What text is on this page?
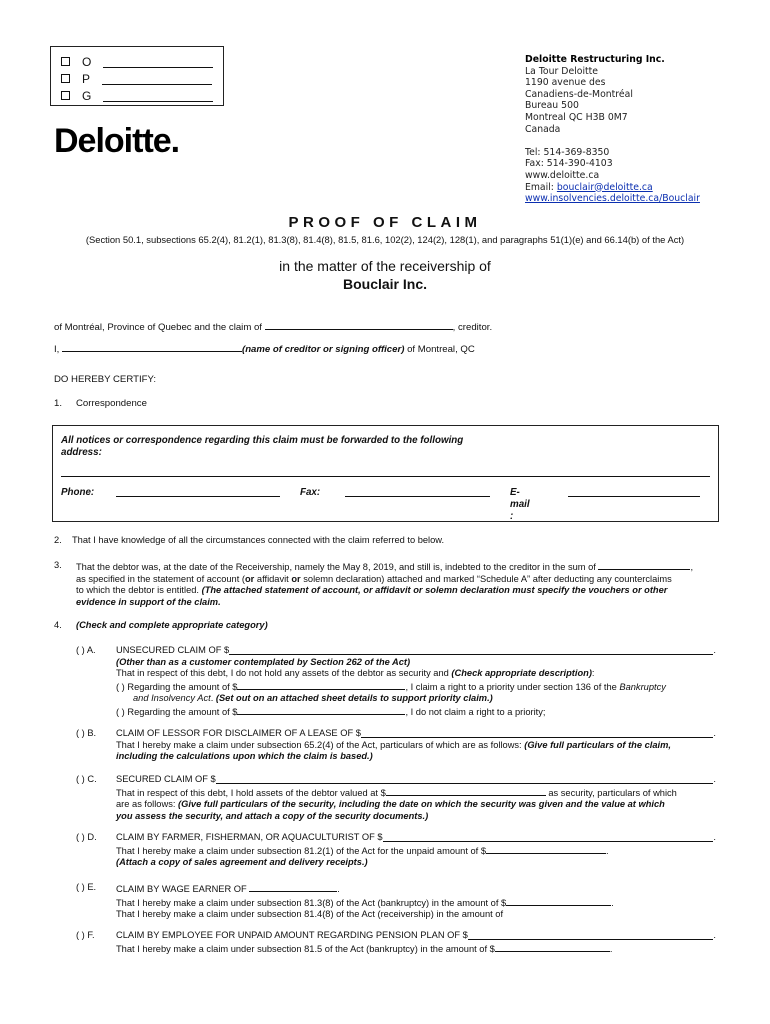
O
P
G
Deloitte.
Deloitte Restructuring Inc.
La Tour Deloitte
1190 avenue des
Canadiens-de-Montréal
Bureau 500
Montreal QC H3B 0M7
Canada
Tel: 514-369-8350
Fax: 514-390-4103
www.deloitte.ca
Email: bouclair@deloitte.ca
www.insolvencies.deloitte.ca/Bouclair
PROOF OF CLAIM
(Section 50.1, subsections 65.2(4), 81.2(1), 81.3(8), 81.4(8), 81.5, 81.6, 102(2), 124(2), 128(1), and paragraphs 51(1)(e) and 66.14(b) of the Act)
in the matter of the receivership of
Bouclair Inc.
of Montréal, Province of Quebec and the claim of	, creditor.
I,	(name of creditor or signing officer) of Montreal, QC
DO HEREBY CERTIFY:
1. Correspondence
All notices or correspondence regarding this claim must be forwarded to the following address:
Phone:	Fax:	E-
mail
:
2. That I have knowledge of all the circumstances connected with the claim referred to below.
3. That the debtor was, at the date of the Receivership, namely the May 8, 2019, and still is, indebted to the creditor in the sum of	,
as specified in the statement of account (or affidavit or solemn declaration) attached and marked “Schedule A” after deducting any counterclaims
to which the debtor is entitled. (The attached statement of account, or affidavit or solemn declaration must specify the vouchers or other
evidence in support of the claim.
4. (Check and complete appropriate category)
( ) A. UNSECURED CLAIM OF $	.
(Other than as a customer contemplated by Section 262 of the Act)
That in respect of this debt, I do not hold any assets of the debtor as security and (Check appropriate description):
( ) Regarding the amount of $	, I claim a right to a priority under section 136 of the Bankruptcy
and Insolvency Act. (Set out on an attached sheet details to support priority claim.)
( ) Regarding the amount of $	, I do not claim a right to a priority;
( ) B. CLAIM OF LESSOR FOR DISCLAIMER OF A LEASE OF $	.
That I hereby make a claim under subsection 65.2(4) of the Act, particulars of which are as follows: (Give full particulars of the claim,
including the calculations upon which the claim is based.)
( ) C. SECURED CLAIM OF $	.
That in respect of this debt, I hold assets of the debtor valued at $	as security, particulars of which
are as follows: (Give full particulars of the security, including the date on which the security was given and the value at which
you assess the security, and attach a copy of the security documents.)
( ) D. CLAIM BY FARMER, FISHERMAN, OR AQUACULTURIST OF $	.
That I hereby make a claim under subsection 81.2(1) of the Act for the unpaid amount of $	.
(Attach a copy of sales agreement and delivery receipts.)
( ) E. CLAIM BY WAGE EARNER OF	.
That I hereby make a claim under subsection 81.3(8) of the Act (bankruptcy) in the amount of $	.
That I hereby make a claim under subsection 81.4(8) of the Act (receivership) in the amount of
( ) F. CLAIM BY EMPLOYEE FOR UNPAID AMOUNT REGARDING PENSION PLAN OF $	.
That I hereby make a claim under subsection 81.5 of the Act (bankruptcy) in the amount of $	.
